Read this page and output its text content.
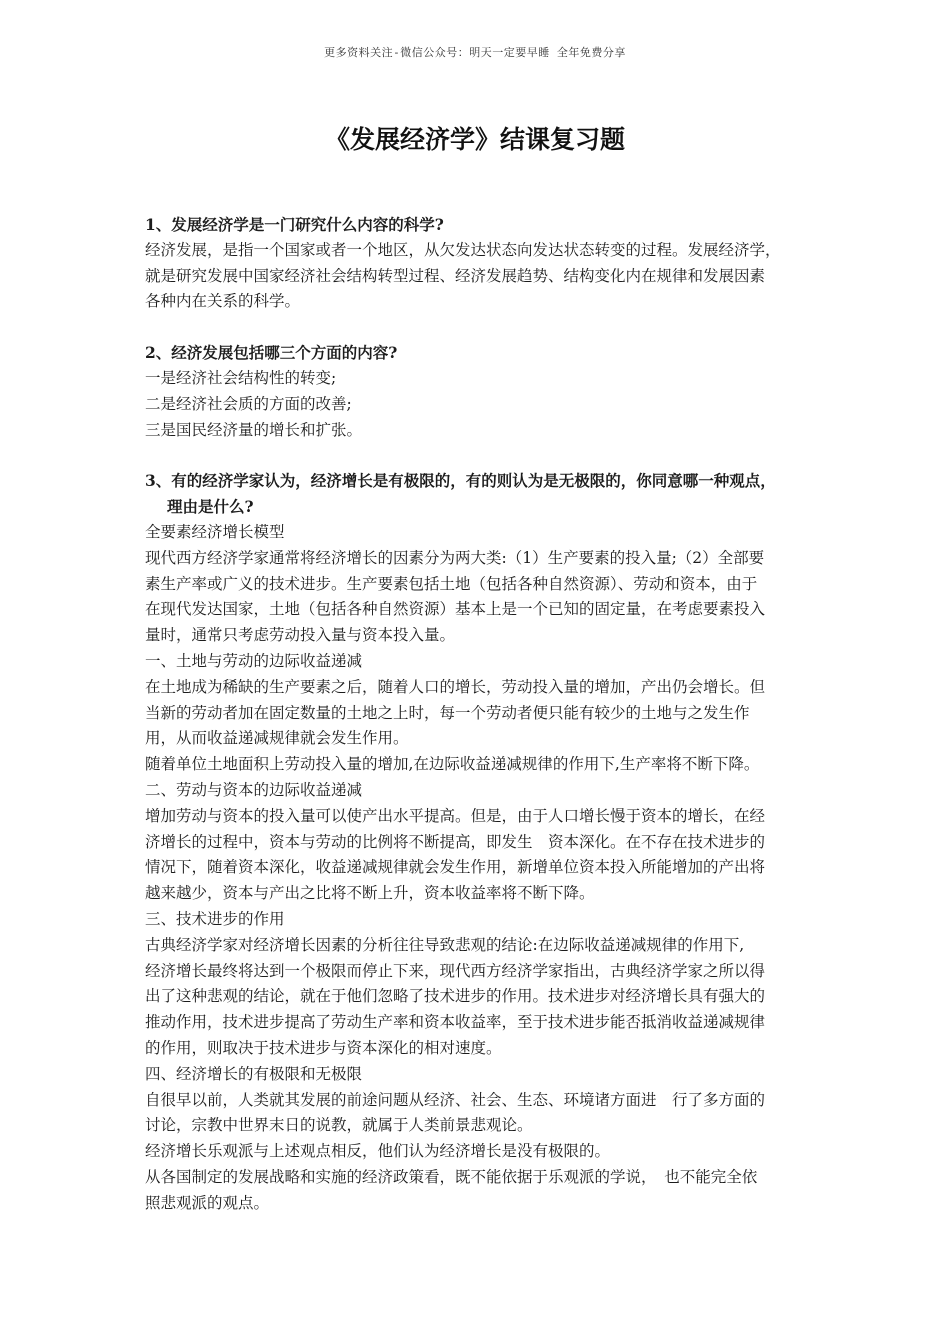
更多资料关注-微信公众号：明天一定要早睡 全年免费分享
《发展经济学》结课复习题
1、发展经济学是一门研究什么内容的科学?
经济发展，是指一个国家或者一个地区，从欠发达状态向发达状态转变的过程。发展经济学，
就是研究发展中国家经济社会结构转型过程、经济发展趋势、结构变化内在规律和发展因素
各种内在关系的科学。
2、经济发展包括哪三个方面的内容?
一是经济社会结构性的转变;
二是经济社会质的方面的改善;
三是国民经济量的增长和扩张。
3、有的经济学家认为，经济增长是有极限的，有的则认为是无极限的，你同意哪一种观点，
理由是什么?
全要素经济增长模型
现代西方经济学家通常将经济增长的因素分为两大类:（1）生产要素的投入量;（2）全部要
素生产率或广义的技术进步。生产要素包括土地（包括各种自然资源）、劳动和资本，由于
在现代发达国家，土地（包括各种自然资源）基本上是一个已知的固定量，在考虑要素投入
量时，通常只考虑劳动投入量与资本投入量。
一、土地与劳动的边际收益递减
在土地成为稀缺的生产要素之后，随着人口的增长，劳动投入量的增加，产出仍会增长。但
当新的劳动者加在固定数量的土地之上时，每一个劳动者便只能有较少的土地与之发生作
用，从而收益递减规律就会发生作用。
随着单位土地面积上劳动投入量的增加,在边际收益递减规律的作用下,生产率将不断下降。
二、劳动与资本的边际收益递减
增加劳动与资本的投入量可以使产出水平提高。但是，由于人口增长慢于资本的增长，在经
济增长的过程中，资本与劳动的比例将不断提高，即发生　资本深化。在不存在技术进步的
情况下，随着资本深化，收益递减规律就会发生作用，新增单位资本投入所能增加的产出将
越来越少，资本与产出之比将不断上升，资本收益率将不断下降。
三、技术进步的作用
古典经济学家对经济增长因素的分析往往导致悲观的结论:在边际收益递减规律的作用下,
经济增长最终将达到一个极限而停止下来，现代西方经济学家指出，古典经济学家之所以得
出了这种悲观的结论，就在于他们忽略了技术进步的作用。技术进步对经济增长具有强大的
推动作用，技术进步提高了劳动生产率和资本收益率，至于技术进步能否抵消收益递减规律
的作用，则取决于技术进步与资本深化的相对速度。
四、经济增长的有极限和无极限
自很早以前，人类就其发展的前途问题从经济、社会、生态、环境诸方面进　行了多方面的
讨论，宗教中世界末日的说教，就属于人类前景悲观论。
经济增长乐观派与上述观点相反，他们认为经济增长是没有极限的。
从各国制定的发展战略和实施的经济政策看，既不能依据于乐观派的学说，　也不能完全依
照悲观派的观点。
